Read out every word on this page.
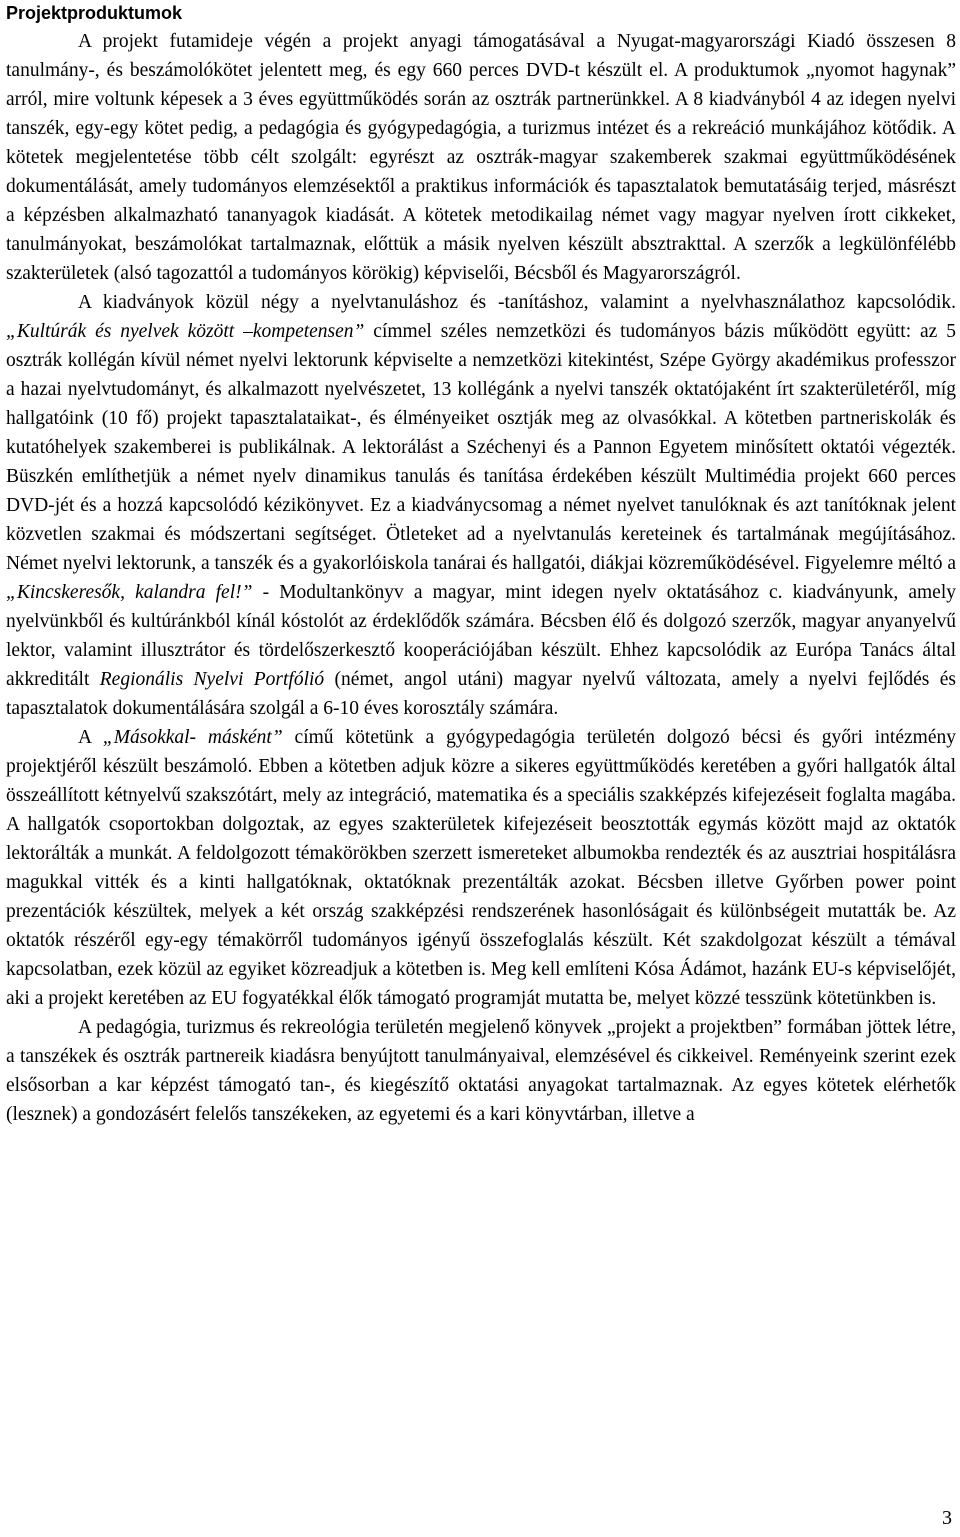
Projektproduktumok

A projekt futamideje végén a projekt anyagi támogatásával a Nyugat-magyarországi Kiadó összesen 8 tanulmány-, és beszámolókötet jelentett meg, és egy 660 perces DVD-t készült el. A produktumok „nyomot hagynak” arról, mire voltunk képesek a 3 éves együttműködés során az osztrák partnerünkkel. A 8 kiadványból 4 az idegen nyelvi tanszék, egy-egy kötet pedig, a pedagógia és gyógypedagógia, a turizmus intézet és a rekreáció munkájához kötődik. A kötetek megjelentetése több célt szolgált: egyrészt az osztrák-magyar szakemberek szakmai együttműködésének dokumentálását, amely tudományos elemzésektől a praktikus információk és tapasztalatok bemutatásáig terjed, másrészt a képzésben alkalmazható tananyagok kiadását. A kötetek metodikailag német vagy magyar nyelven írott cikkeket, tanulmányokat, beszámolókat tartalmaznak, előttük a másik nyelven készült absztrakttal. A szerzők a legkülönfélébb szakterületek (alsó tagozattól a tudományos körökig) képviselői, Bécsből és Magyarországról.

A kiadványok közül négy a nyelvtanuláshoz és -tanításhoz, valamint a nyelvhasználathoz kapcsolódik. „Kultúrák és nyelvek között –kompetensen” címmel széles nemzetközi és tudományos bázis működött együtt: az 5 osztrák kollégán kívül német nyelvi lektorunk képviselte a nemzetközi kitekintést, Szépe György akadémikus professzor a hazai nyelvtudományt, és alkalmazott nyelvészetet, 13 kollégánk a nyelvi tanszék oktatójaként írt szakterületéről, míg hallgatóink (10 fő) projekt tapasztalataikat-, és élményeiket osztják meg az olvasókkal. A kötetben partneriskolák és kutatóhelyek szakemberei is publikálnak. A lektorálást a Széchenyi és a Pannon Egyetem minősített oktatói végezték. Büszkén említhetjük a német nyelv dinamikus tanulás és tanítása érdekében készült Multimédia projekt 660 perces DVD-jét és a hozzá kapcsolódó kézikönyvet. Ez a kiadványcsomag a német nyelvet tanulóknak és azt tanítóknak jelent közvetlen szakmai és módszertani segítséget. Ötleteket ad a nyelvtanulás kereteinek és tartalmának megújításához. Német nyelvi lektorunk, a tanszék és a gyakorlóiskola tanárai és hallgatói, diákjai közreműködésével. Figyelemre méltó a „Kincskeresők, kalandra fel!” - Modultankönyv a magyar, mint idegen nyelv oktatásához c. kiadványunk, amely nyelvünkből és kultúránkból kínál kóstolót az érdeklődők számára. Bécsben élő és dolgozó szerzők, magyar anyanyelvű lektor, valamint illusztrátor és tördelőszerkesztő kooperációjában készült. Ehhez kapcsolódik az Európa Tanács által akkreditált Regionális Nyelvi Portfólió (német, angol utáni) magyar nyelvű változata, amely a nyelvi fejlődés és tapasztalatok dokumentálására szolgál a 6-10 éves korosztály számára.

A „Másokkal- másként” című kötetünk a gyógypedagógia területén dolgozó bécsi és győri intézmény projektjéről készült beszámoló. Ebben a kötetben adjuk közre a sikeres együttműködés keretében a győri hallgatók által összeállított kétnyelvű szakszótárt, mely az integráció, matematika és a speciális szakképzés kifejezéseit foglalta magába. A hallgatók csoportokban dolgoztak, az egyes szakterületek kifejezéseit beosztották egymás között majd az oktatók lektorálták a munkát. A feldolgozott témakörökben szerzett ismereteket albumokba rendezték és az ausztriai hospitálásra magukkal vitték és a kinti hallgatóknak, oktatóknak prezentálták azokat. Bécsben illetve Győrben power point prezentációk készültek, melyek a két ország szakképzési rendszerének hasonlóságait és különbségeit mutatták be. Az oktatók részéről egy-egy témakörről tudományos igényű összefoglalás készült. Két szakdolgozat készült a témával kapcsolatban, ezek közül az egyiket közreadjuk a kötetben is. Meg kell említeni Kósa Ádámot, hazánk EU-s képviselőjét, aki a projekt keretében az EU fogyatékkal élők támogató programját mutatta be, melyet közzé tesszünk kötetünkben is.

A pedagógia, turizmus és rekreológia területén megjelenő könyvek „projekt a projektben” formában jöttek létre, a tanszékek és osztrák partnereik kiadásra benyújtott tanulmányaival, elemzésével és cikkeivel. Reményeink szerint ezek elsősorban a kar képzést támogató tan-, és kiegészítő oktatási anyagokat tartalmaznak. Az egyes kötetek elérhetők (lesznek) a gondozásért felelős tanszékeken, az egyetemi és a kari könyvtárban, illetve a

3
